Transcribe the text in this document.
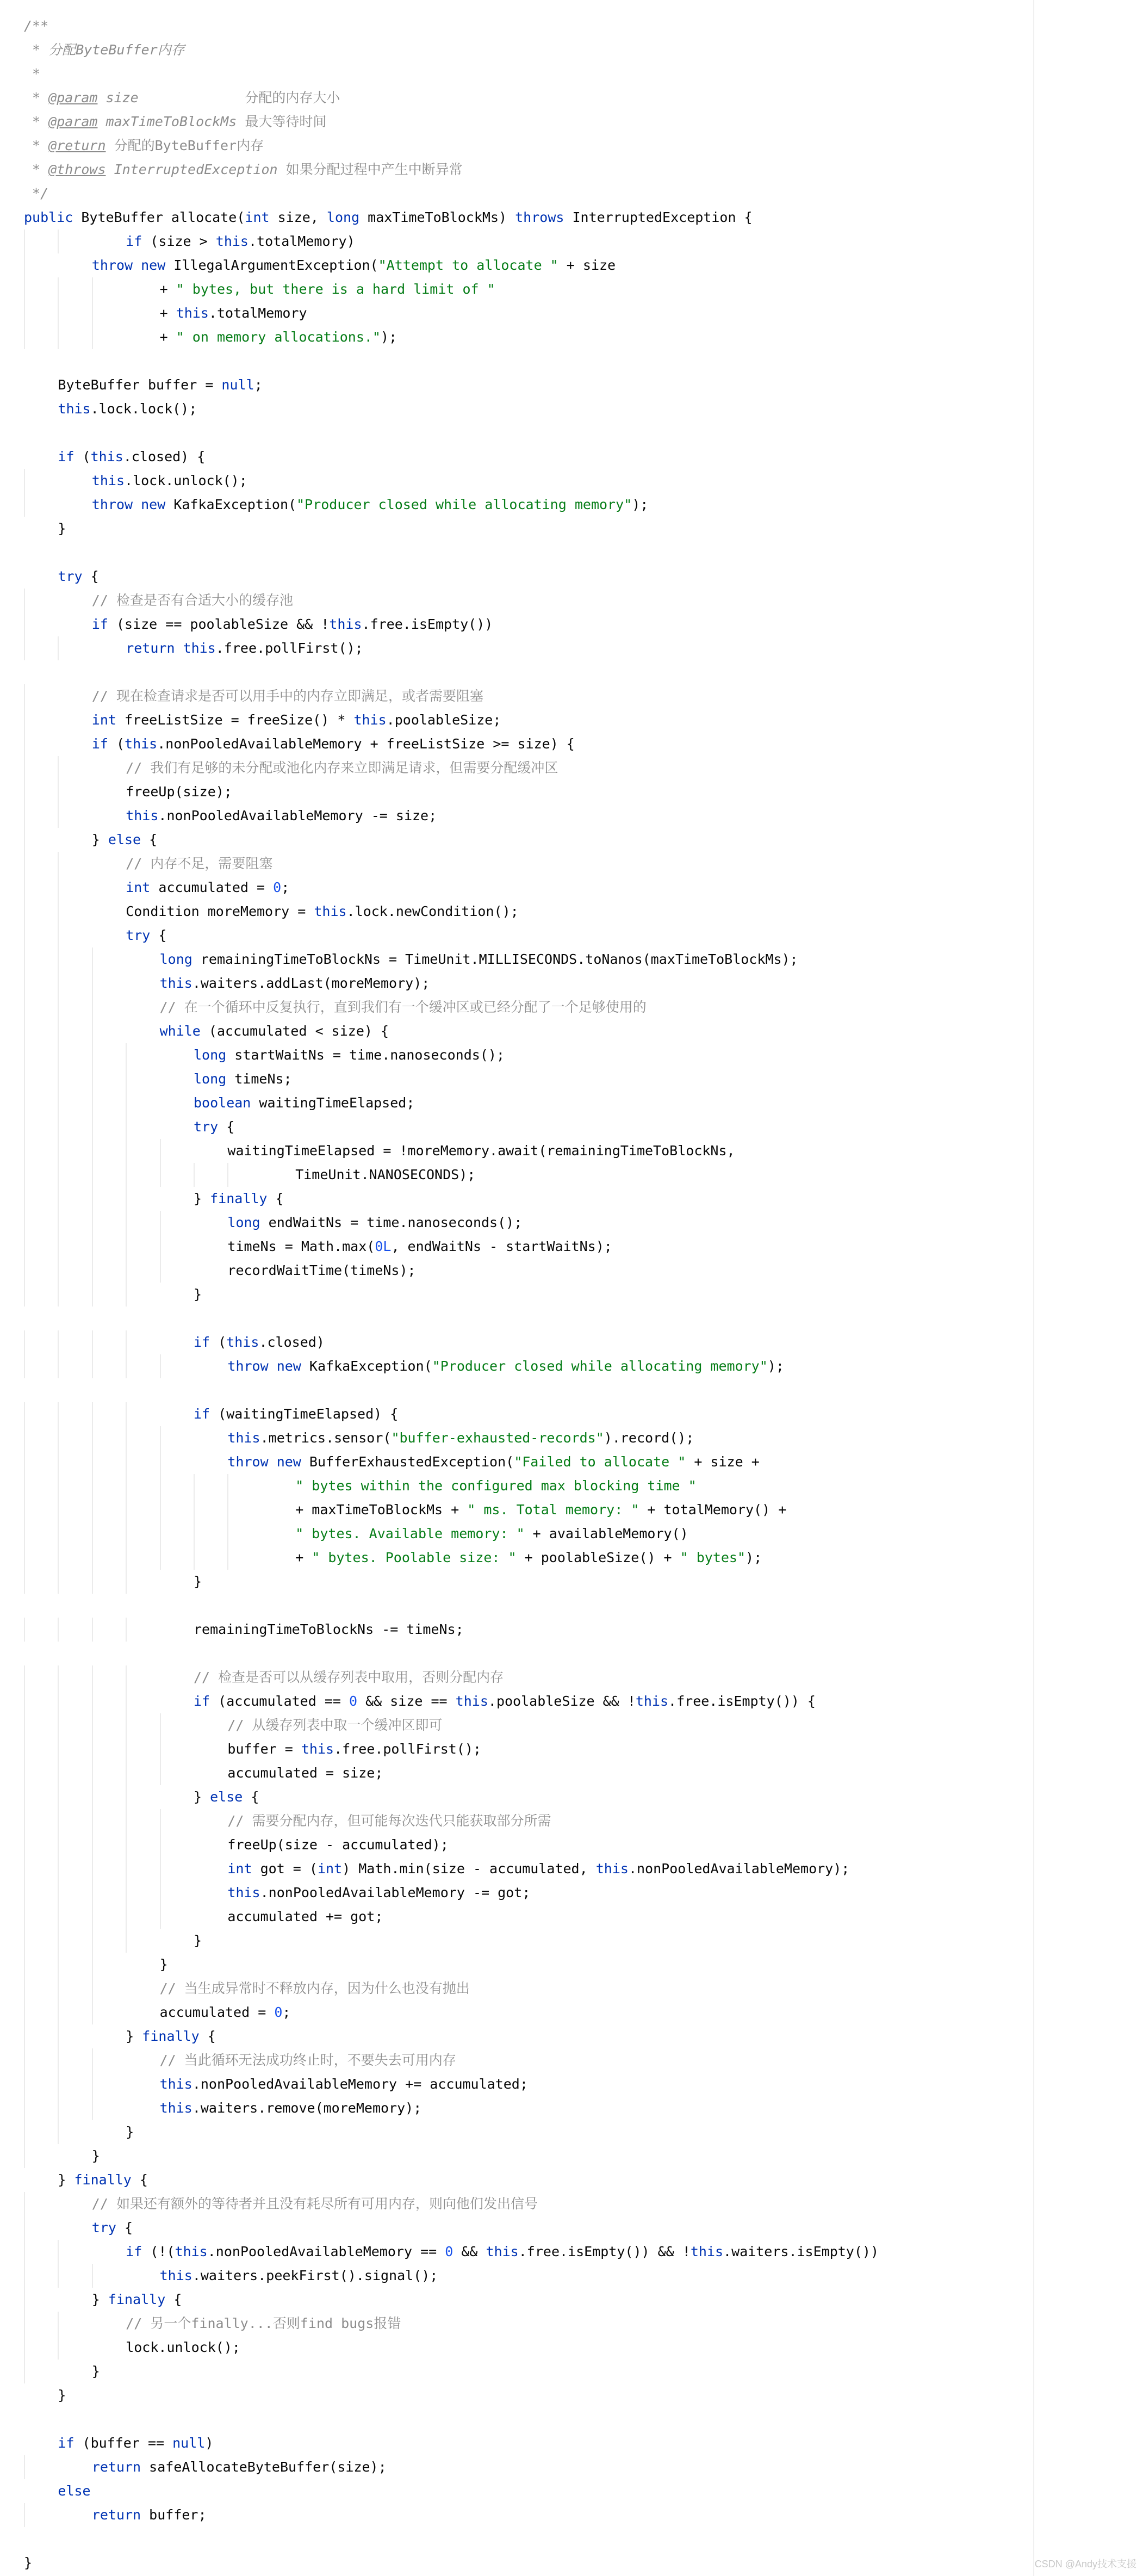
/**
* 分配ByteBuffer内存
*
* @param size             分配的内存大小
* @param maxTimeToBlockMs 最大等待时间
* @return 分配的ByteBuffer内存
* @throws InterruptedException 如果分配过程中产生中断异常
*/
public ByteBuffer allocate(int size, long maxTimeToBlockMs) throws InterruptedException {
if (size > this.totalMemory)
throw new IllegalArgumentException("Attempt to allocate " + size
+ " bytes, but there is a hard limit of "
+ this.totalMemory
+ " on memory allocations.");
ByteBuffer buffer = null;
this.lock.lock();
if (this.closed) {
this.lock.unlock();
throw new KafkaException("Producer closed while allocating memory");
}
try {
// 检查是否有合适大小的缓存池
if (size == poolableSize && !this.free.isEmpty())
return this.free.pollFirst();
// 现在检查请求是否可以用手中的内存立即满足，或者需要阻塞
int freeListSize = freeSize() * this.poolableSize;
if (this.nonPooledAvailableMemory + freeListSize >= size) {
// 我们有足够的未分配或池化内存来立即满足请求，但需要分配缓冲区
freeUp(size);
this.nonPooledAvailableMemory -= size;
} else {
// 内存不足，需要阻塞
int accumulated = 0;
Condition moreMemory = this.lock.newCondition();
try {
long remainingTimeToBlockNs = TimeUnit.MILLISECONDS.toNanos(maxTimeToBlockMs);
this.waiters.addLast(moreMemory);
// 在一个循环中反复执行，直到我们有一个缓冲区或已经分配了一个足够使用的
while (accumulated < size) {
long startWaitNs = time.nanoseconds();
long timeNs;
boolean waitingTimeElapsed;
try {
waitingTimeElapsed = !moreMemory.await(remainingTimeToBlockNs,
TimeUnit.NANOSECONDS);
} finally {
long endWaitNs = time.nanoseconds();
timeNs = Math.max(0L, endWaitNs - startWaitNs);
recordWaitTime(timeNs);
}
if (this.closed)
throw new KafkaException("Producer closed while allocating memory");
if (waitingTimeElapsed) {
this.metrics.sensor("buffer-exhausted-records").record();
throw new BufferExhaustedException("Failed to allocate " + size +
" bytes within the configured max blocking time "
+ maxTimeToBlockMs + " ms. Total memory: " + totalMemory() +
" bytes. Available memory: " + availableMemory()
+ " bytes. Poolable size: " + poolableSize() + " bytes");
}
remainingTimeToBlockNs -= timeNs;
// 检查是否可以从缓存列表中取用，否则分配内存
if (accumulated == 0 && size == this.poolableSize && !this.free.isEmpty()) {
// 从缓存列表中取一个缓冲区即可
buffer = this.free.pollFirst();
accumulated = size;
} else {
// 需要分配内存，但可能每次迭代只能获取部分所需
freeUp(size - accumulated);
int got = (int) Math.min(size - accumulated, this.nonPooledAvailableMemory);
this.nonPooledAvailableMemory -= got;
accumulated += got;
}
}
// 当生成异常时不释放内存，因为什么也没有抛出
accumulated = 0;
} finally {
// 当此循环无法成功终止时，不要失去可用内存
this.nonPooledAvailableMemory += accumulated;
this.waiters.remove(moreMemory);
}
}
} finally {
// 如果还有额外的等待者并且没有耗尽所有可用内存，则向他们发出信号
try {
if (!(this.nonPooledAvailableMemory == 0 && this.free.isEmpty()) && !this.waiters.isEmpty())
this.waiters.peekFirst().signal();
} finally {
// 另一个finally...否则find bugs报错
lock.unlock();
}
}
if (buffer == null)
return safeAllocateByteBuffer(size);
else
return buffer;
}	CSDN @Andy技术支援
